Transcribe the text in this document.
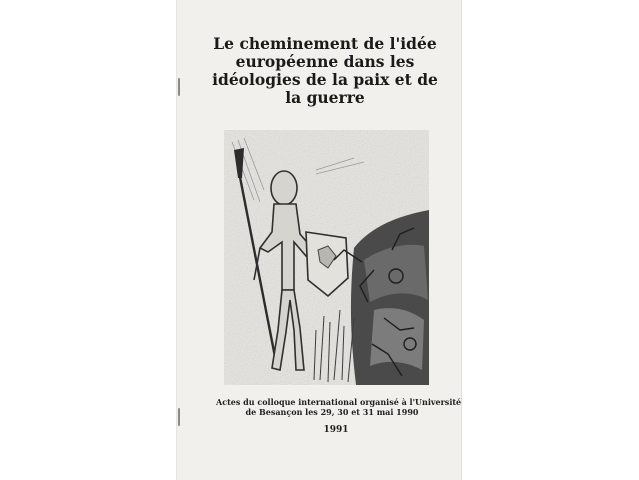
Le cheminement de l'idée
européenne dans les
idéologies de la paix et de
la guerre

Actes du colloque international organisé à l'Université
de Besançon les 29, 30 et 31 mai 1990

1991
